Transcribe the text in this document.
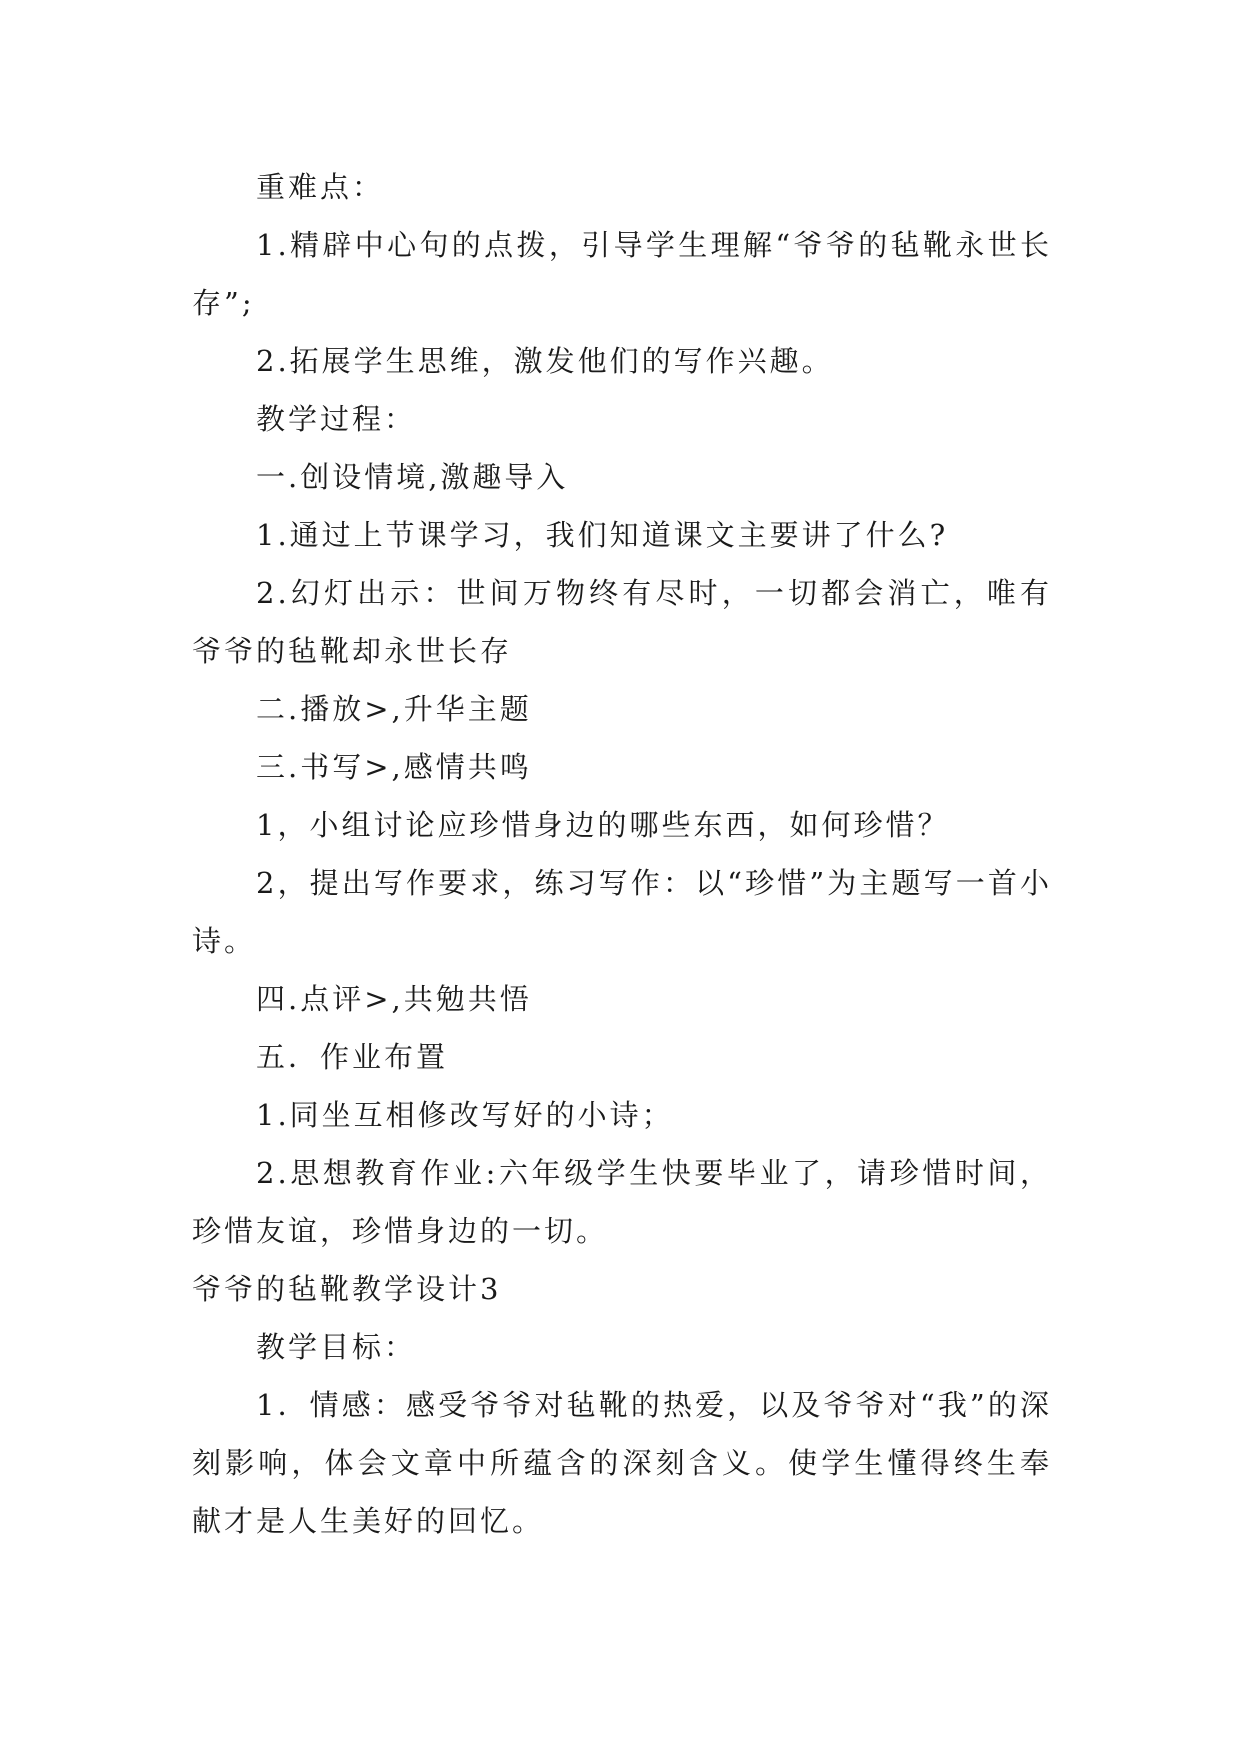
重难点：

1.精辟中心句的点拨，引导学生理解“爷爷的毡靴永世长存”;

2.拓展学生思维，激发他们的写作兴趣。

教学过程：

一.创设情境,激趣导入

1.通过上节课学习，我们知道课文主要讲了什么?

2.幻灯出示：世间万物终有尽时，一切都会消亡，唯有爷爷的毡靴却永世长存

二.播放>,升华主题

三.书写>,感情共鸣

1，小组讨论应珍惜身边的哪些东西，如何珍惜？

2，提出写作要求，练习写作：以“珍惜”为主题写一首小诗。

四.点评>,共勉共悟

五．作业布置

1.同坐互相修改写好的小诗；

2.思想教育作业:六年级学生快要毕业了，请珍惜时间，珍惜友谊，珍惜身边的一切。

爷爷的毡靴教学设计3

教学目标：

1．情感：感受爷爷对毡靴的热爱，以及爷爷对“我”的深刻影响，体会文章中所蕴含的深刻含义。使学生懂得终生奉献才是人生美好的回忆。
